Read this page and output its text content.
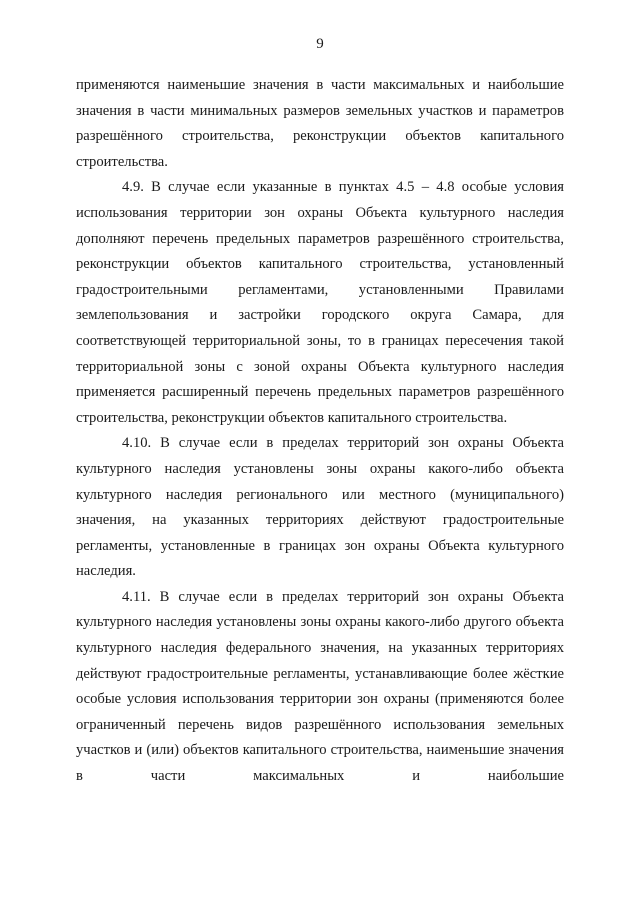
9

применяются наименьшие значения в части максимальных и наибольшие значения в части минимальных размеров земельных участков и параметров разрешённого строительства, реконструкции объектов капитального строительства.

4.9. В случае если указанные в пунктах 4.5 – 4.8 особые условия использования территории зон охраны Объекта культурного наследия дополняют перечень предельных параметров разрешённого строительства, реконструкции объектов капитального строительства, установленный градостроительными регламентами, установленными Правилами землепользования и застройки городского округа Самара, для соответствующей территориальной зоны, то в границах пересечения такой территориальной зоны с зоной охраны Объекта культурного наследия применяется расширенный перечень предельных параметров разрешённого строительства, реконструкции объектов капитального строительства.

4.10. В случае если в пределах территорий зон охраны Объекта культурного наследия установлены зоны охраны какого-либо объекта культурного наследия регионального или местного (муниципального) значения, на указанных территориях действуют градостроительные регламенты, установленные в границах зон охраны Объекта культурного наследия.

4.11. В случае если в пределах территорий зон охраны Объекта культурного наследия установлены зоны охраны какого-либо другого объекта культурного наследия федерального значения, на указанных территориях действуют градостроительные регламенты, устанавливающие более жёсткие особые условия использования территории зон охраны (применяются более ограниченный перечень видов разрешённого использования земельных участков и (или) объектов капитального строительства, наименьшие значения в части максимальных и наибольшие
